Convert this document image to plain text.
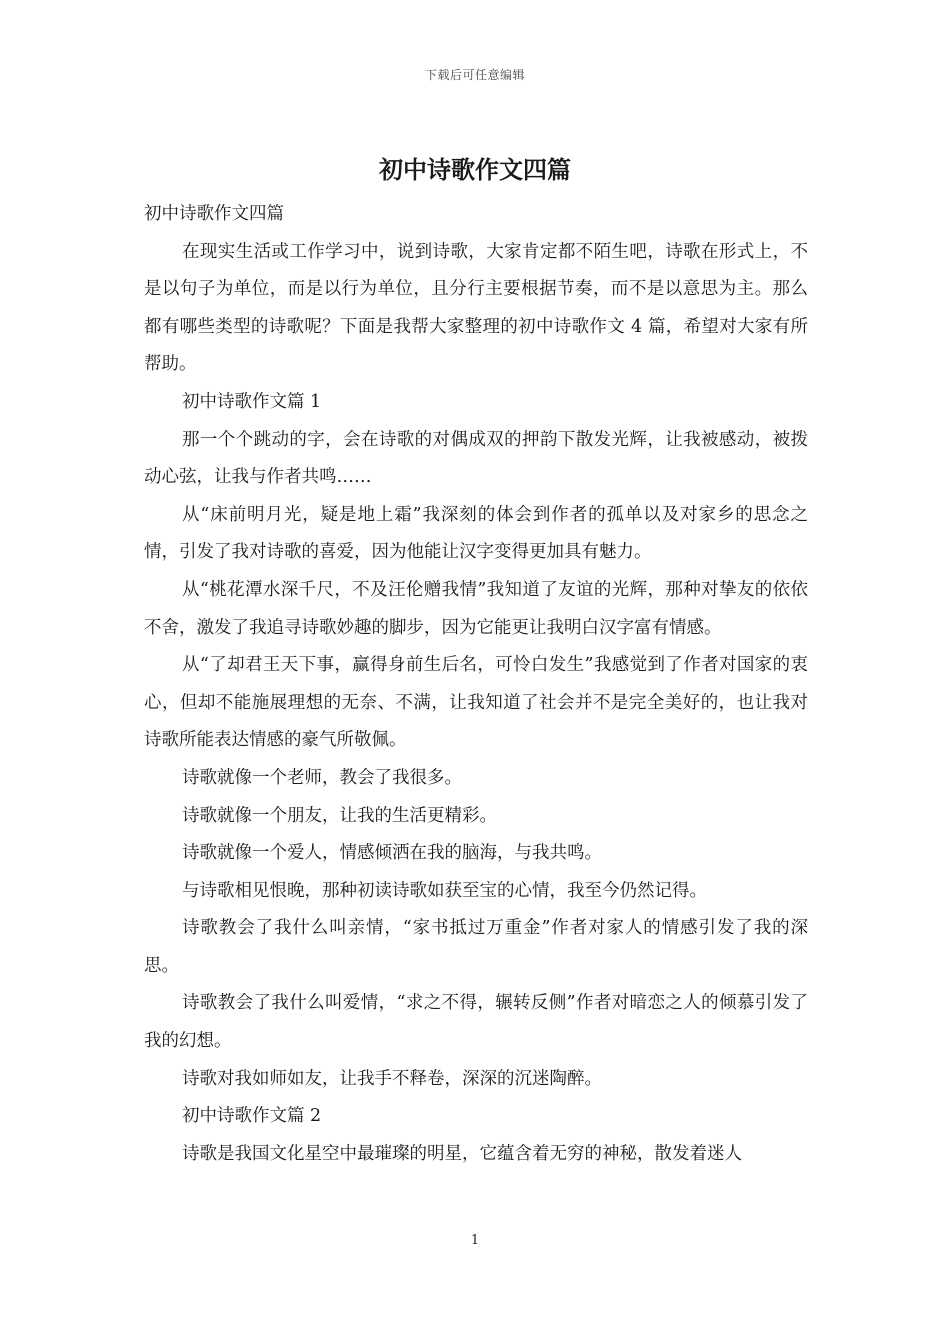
下载后可任意编辑
初中诗歌作文四篇

初中诗歌作文四篇

在现实生活或工作学习中，说到诗歌，大家肯定都不陌生吧，诗歌在形式上，不是以句子为单位，而是以行为单位，且分行主要根据节奏，而不是以意思为主。那么都有哪些类型的诗歌呢？下面是我帮大家整理的初中诗歌作文 4 篇，希望对大家有所帮助。

初中诗歌作文篇 1

那一个个跳动的字，会在诗歌的对偶成双的押韵下散发光辉，让我被感动，被拨动心弦，让我与作者共鸣……

从“床前明月光，疑是地上霜”我深刻的体会到作者的孤单以及对家乡的思念之情，引发了我对诗歌的喜爱，因为他能让汉字变得更加具有魅力。

从“桃花潭水深千尺，不及汪伦赠我情”我知道了友谊的光辉，那种对挚友的依依不舍，激发了我追寻诗歌妙趣的脚步，因为它能更让我明白汉字富有情感。

从“了却君王天下事，赢得身前生后名，可怜白发生”我感觉到了作者对国家的衷心，但却不能施展理想的无奈、不满，让我知道了社会并不是完全美好的，也让我对诗歌所能表达情感的豪气所敬佩。

诗歌就像一个老师，教会了我很多。

诗歌就像一个朋友，让我的生活更精彩。

诗歌就像一个爱人，情感倾洒在我的脑海，与我共鸣。

与诗歌相见恨晚，那种初读诗歌如获至宝的心情，我至今仍然记得。

诗歌教会了我什么叫亲情，“家书抵过万重金”作者对家人的情感引发了我的深思。

诗歌教会了我什么叫爱情，“求之不得，辗转反侧”作者对暗恋之人的倾慕引发了我的幻想。

诗歌对我如师如友，让我手不释卷，深深的沉迷陶醉。

初中诗歌作文篇 2

诗歌是我国文化星空中最璀璨的明星，它蕴含着无穷的神秘，散发着迷人

1
